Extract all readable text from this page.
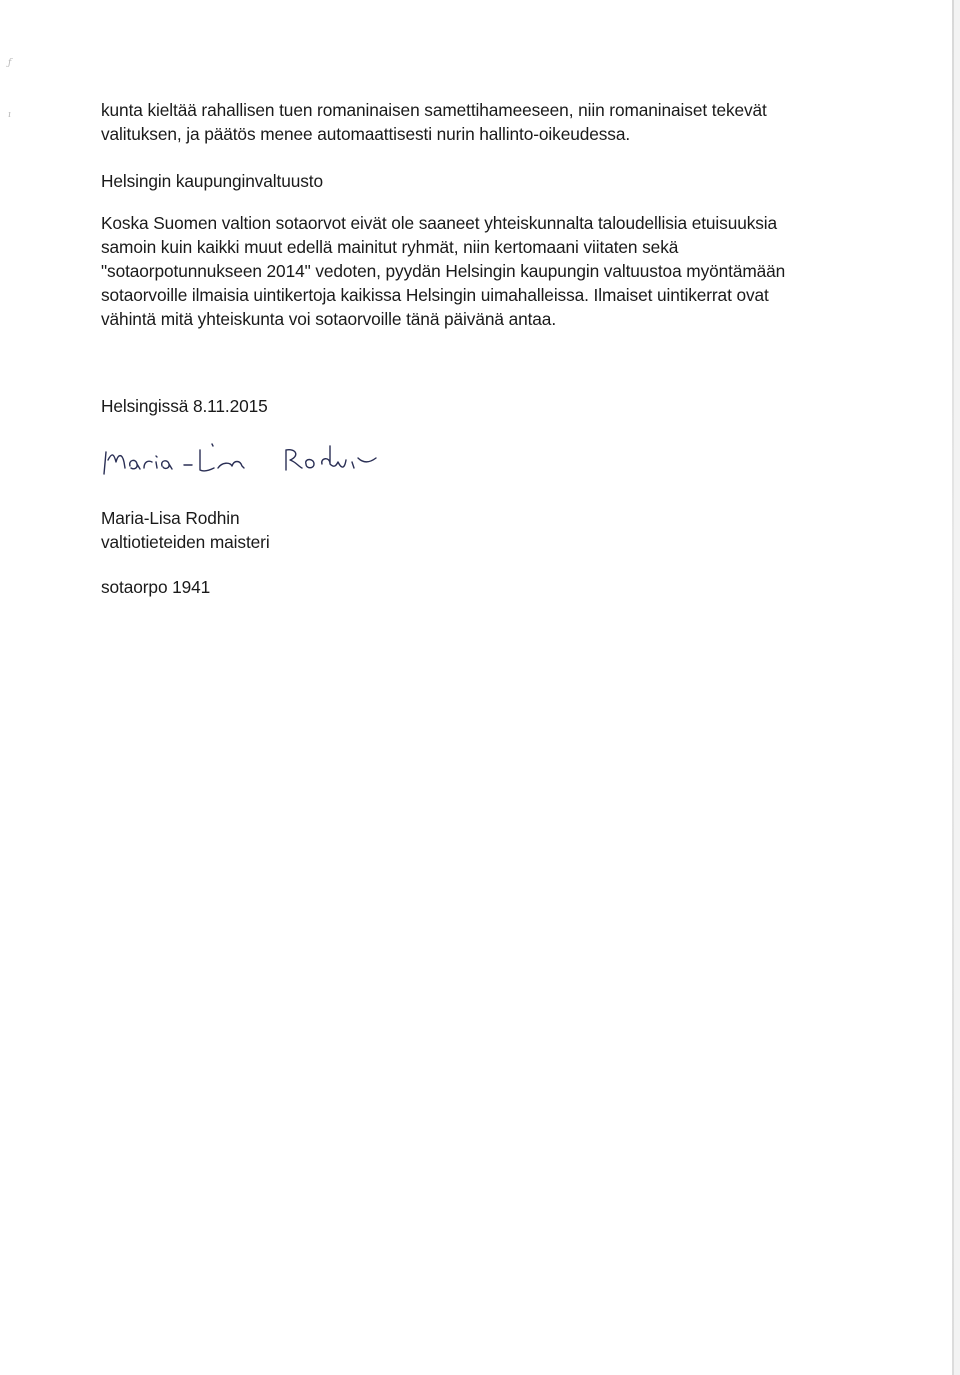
ƒ
ı	kunta kieltää rahallisen tuen romaninaisen samettihameeseen, niin romaninaiset tekevät
valituksen, ja päätös menee automaattisesti nurin hallinto-oikeudessa.

Helsingin kaupunginvaltuusto

Koska Suomen valtion sotaorvot eivät ole saaneet yhteiskunnalta taloudellisia etuisuuksia
samoin kuin kaikki muut edellä mainitut ryhmät, niin kertomaani viitaten sekä
"sotaorpotunnukseen 2014" vedoten, pyydän Helsingin kaupungin valtuustoa myöntämään
sotaorvoille ilmaisia uintikertoja kaikissa Helsingin uimahalleissa. Ilmaiset uintikerrat ovat
vähintä mitä yhteiskunta voi sotaorvoille tänä päivänä antaa.

Helsingissä 8.11.2015

Maria-Lisa Rodhin

valtiotieteiden maisteri

sotaorpo 1941
